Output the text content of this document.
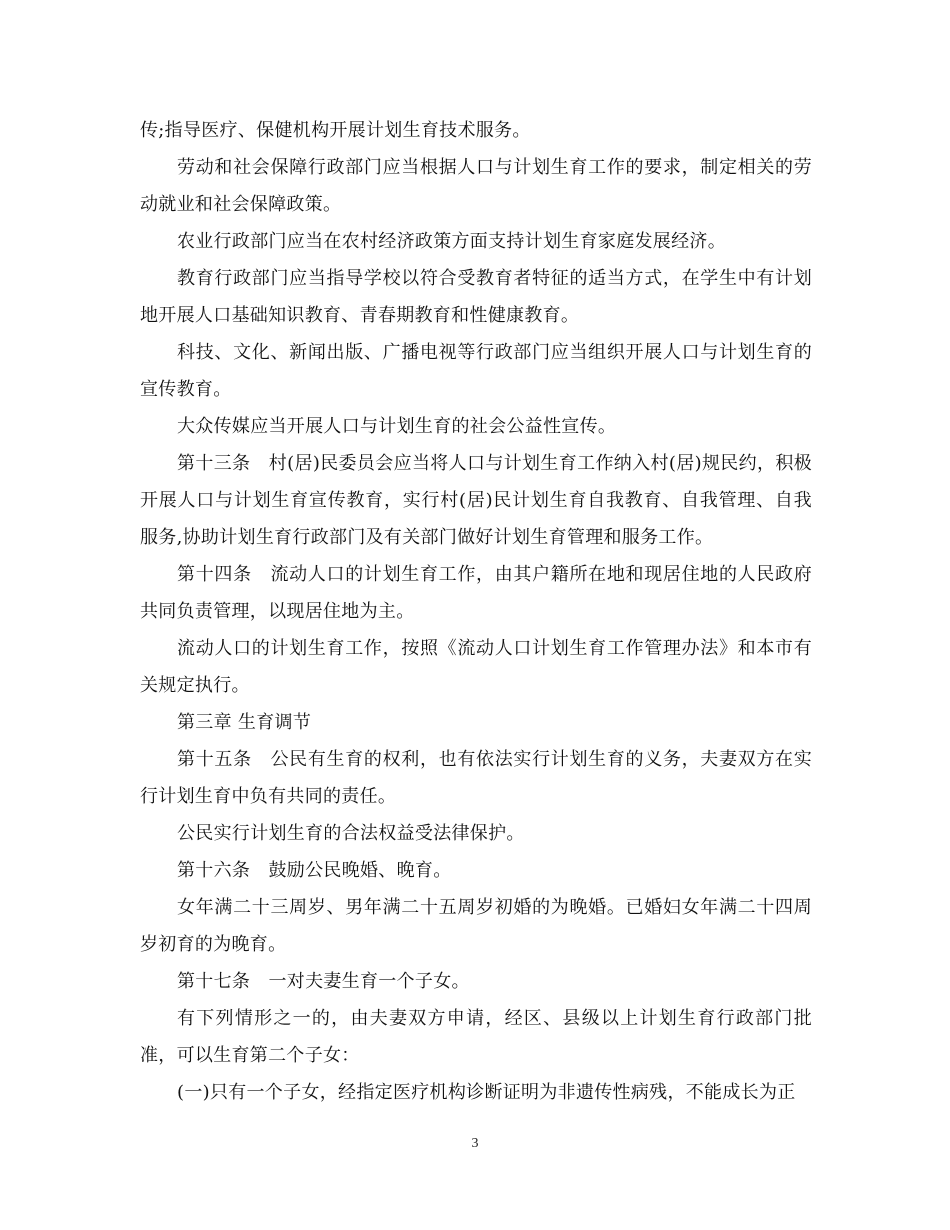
传;指导医疗、保健机构开展计划生育技术服务。

劳动和社会保障行政部门应当根据人口与计划生育工作的要求，制定相关的劳动就业和社会保障政策。

农业行政部门应当在农村经济政策方面支持计划生育家庭发展经济。

教育行政部门应当指导学校以符合受教育者特征的适当方式，在学生中有计划地开展人口基础知识教育、青春期教育和性健康教育。

科技、文化、新闻出版、广播电视等行政部门应当组织开展人口与计划生育的宣传教育。

大众传媒应当开展人口与计划生育的社会公益性宣传。

第十三条　村(居)民委员会应当将人口与计划生育工作纳入村(居)规民约，积极开展人口与计划生育宣传教育，实行村(居)民计划生育自我教育、自我管理、自我服务,协助计划生育行政部门及有关部门做好计划生育管理和服务工作。

第十四条　流动人口的计划生育工作，由其户籍所在地和现居住地的人民政府共同负责管理，以现居住地为主。

流动人口的计划生育工作，按照《流动人口计划生育工作管理办法》和本市有关规定执行。

第三章 生育调节

第十五条　公民有生育的权利，也有依法实行计划生育的义务，夫妻双方在实行计划生育中负有共同的责任。

公民实行计划生育的合法权益受法律保护。

第十六条　鼓励公民晚婚、晚育。

女年满二十三周岁、男年满二十五周岁初婚的为晚婚。已婚妇女年满二十四周岁初育的为晚育。

第十七条　一对夫妻生育一个子女。

有下列情形之一的，由夫妻双方申请，经区、县级以上计划生育行政部门批准，可以生育第二个子女：

(一)只有一个子女，经指定医疗机构诊断证明为非遗传性病残，不能成长为正

3
